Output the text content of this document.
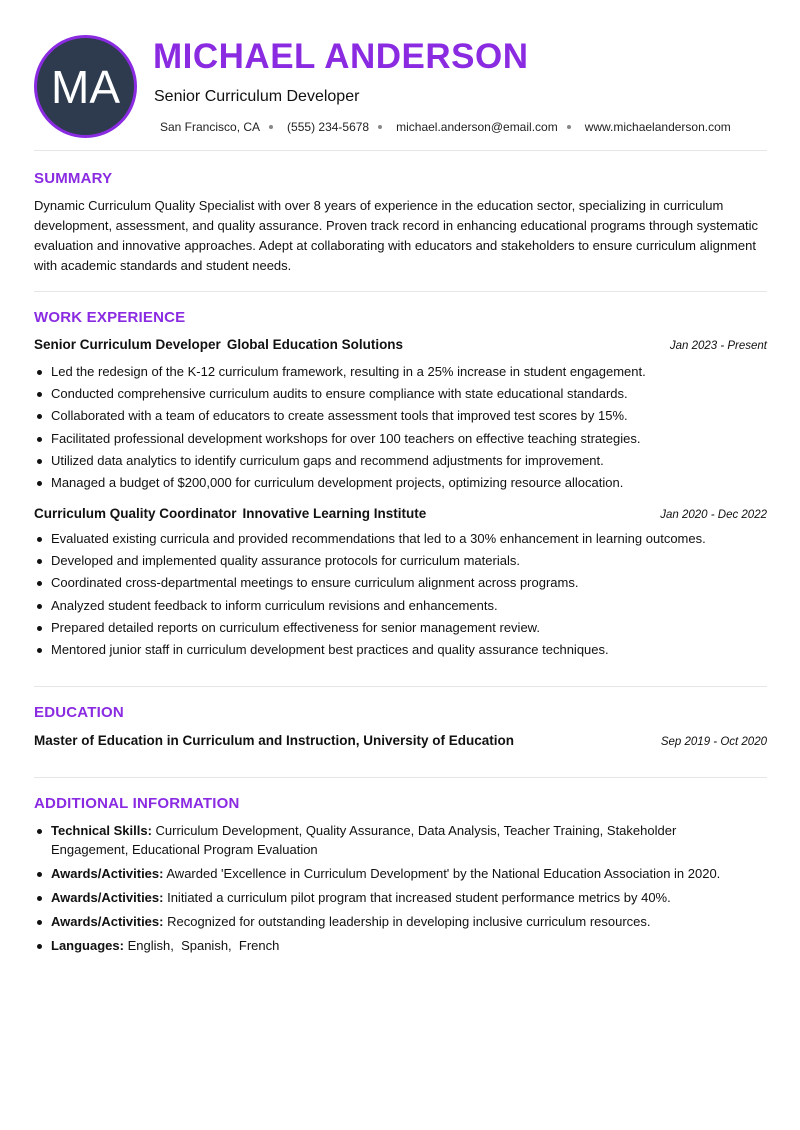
MA
MICHAEL ANDERSON
Senior Curriculum Developer
San Francisco, CA (555) 234-5678 michael.anderson@email.com www.michaelanderson.com
SUMMARY

Dynamic Curriculum Quality Specialist with over 8 years of experience in the education sector, specializing in curriculum development, assessment, and quality assurance. Proven track record in enhancing educational programs through systematic evaluation and innovative approaches. Adept at collaborating with educators and stakeholders to ensure curriculum alignment with academic standards and student needs.

WORK EXPERIENCE
Senior Curriculum Developer Global Education Solutions	Jan 2023 - Present
Led the redesign of the K-12 curriculum framework, resulting in a 25% increase in student engagement.
Conducted comprehensive curriculum audits to ensure compliance with state educational standards.
Collaborated with a team of educators to create assessment tools that improved test scores by 15%.
Facilitated professional development workshops for over 100 teachers on effective teaching strategies.
Utilized data analytics to identify curriculum gaps and recommend adjustments for improvement.
Managed a budget of $200,000 for curriculum development projects, optimizing resource allocation.
Curriculum Quality Coordinator Innovative Learning Institute	Jan 2020 - Dec 2022
Evaluated existing curricula and provided recommendations that led to a 30% enhancement in learning outcomes.
Developed and implemented quality assurance protocols for curriculum materials.
Coordinated cross-departmental meetings to ensure curriculum alignment across programs.
Analyzed student feedback to inform curriculum revisions and enhancements.
Prepared detailed reports on curriculum effectiveness for senior management review.
Mentored junior staff in curriculum development best practices and quality assurance techniques.
EDUCATION
Master of Education in Curriculum and Instruction, University of Education	Sep 2019 - Oct 2020
ADDITIONAL INFORMATION
Technical Skills: Curriculum Development, Quality Assurance, Data Analysis, Teacher Training, Stakeholder Engagement, Educational Program Evaluation
Awards/Activities: Awarded 'Excellence in Curriculum Development' by the National Education Association in 2020.
Awards/Activities: Initiated a curriculum pilot program that increased student performance metrics by 40%.
Awards/Activities: Recognized for outstanding leadership in developing inclusive curriculum resources.
Languages: English,  Spanish,  French
